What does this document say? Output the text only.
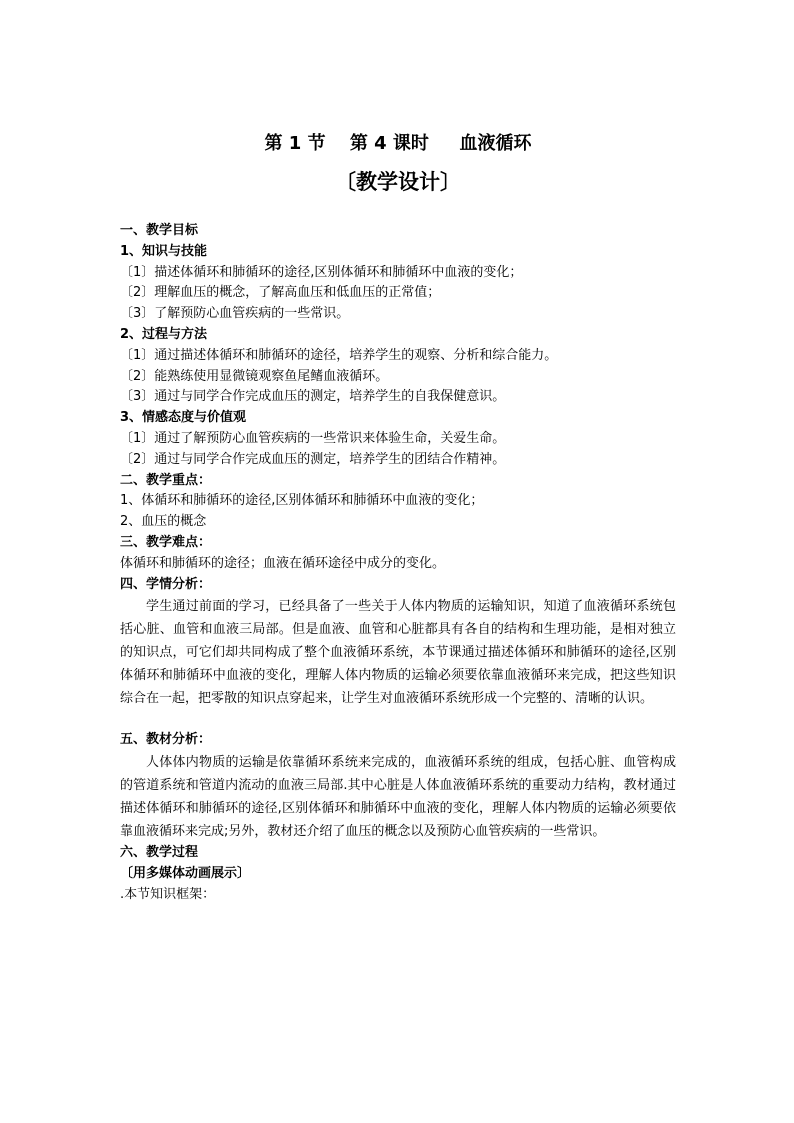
第 1 节　 第 4 课时　  血液循环
〔教学设计〕
一、教学目标
1、知识与技能
〔1〕描述体循环和肺循环的途径,区别体循环和肺循环中血液的变化；
〔2〕理解血压的概念，了解高血压和低血压的正常值；
〔3〕了解预防心血管疾病的一些常识。
2、过程与方法
〔1〕通过描述体循环和肺循环的途径，培养学生的观察、分析和综合能力。
〔2〕能熟练使用显微镜观察鱼尾鳍血液循环。
〔3〕通过与同学合作完成血压的测定，培养学生的自我保健意识。
3、情感态度与价值观
〔1〕通过了解预防心血管疾病的一些常识来体验生命，关爱生命。
〔2〕通过与同学合作完成血压的测定，培养学生的团结合作精神。
二、教学重点：
1、体循环和肺循环的途径,区别体循环和肺循环中血液的变化；
2、血压的概念
三、教学难点：
体循环和肺循环的途径；血液在循环途径中成分的变化。
四、学情分析：
学生通过前面的学习，已经具备了一些关于人体内物质的运输知识，知道了血液循环系统包括心脏、血管和血液三局部。但是血液、血管和心脏都具有各自的结构和生理功能，是相对独立的知识点，可它们却共同构成了整个血液循环系统，本节课通过描述体循环和肺循环的途径,区别体循环和肺循环中血液的变化，理解人体内物质的运输必须要依靠血液循环来完成，把这些知识综合在一起，把零散的知识点穿起来，让学生对血液循环系统形成一个完整的、清晰的认识。
五、教材分析：
人体体内物质的运输是依靠循环系统来完成的，血液循环系统的组成，包括心脏、血管构成的管道系统和管道内流动的血液三局部.其中心脏是人体血液循环系统的重要动力结构，教材通过描述体循环和肺循环的途径,区别体循环和肺循环中血液的变化，理解人体内物质的运输必须要依靠血液循环来完成;另外，教材还介绍了血压的概念以及预防心血管疾病的一些常识。
六、教学过程
〔用多媒体动画展示〕
.本节知识框架：
